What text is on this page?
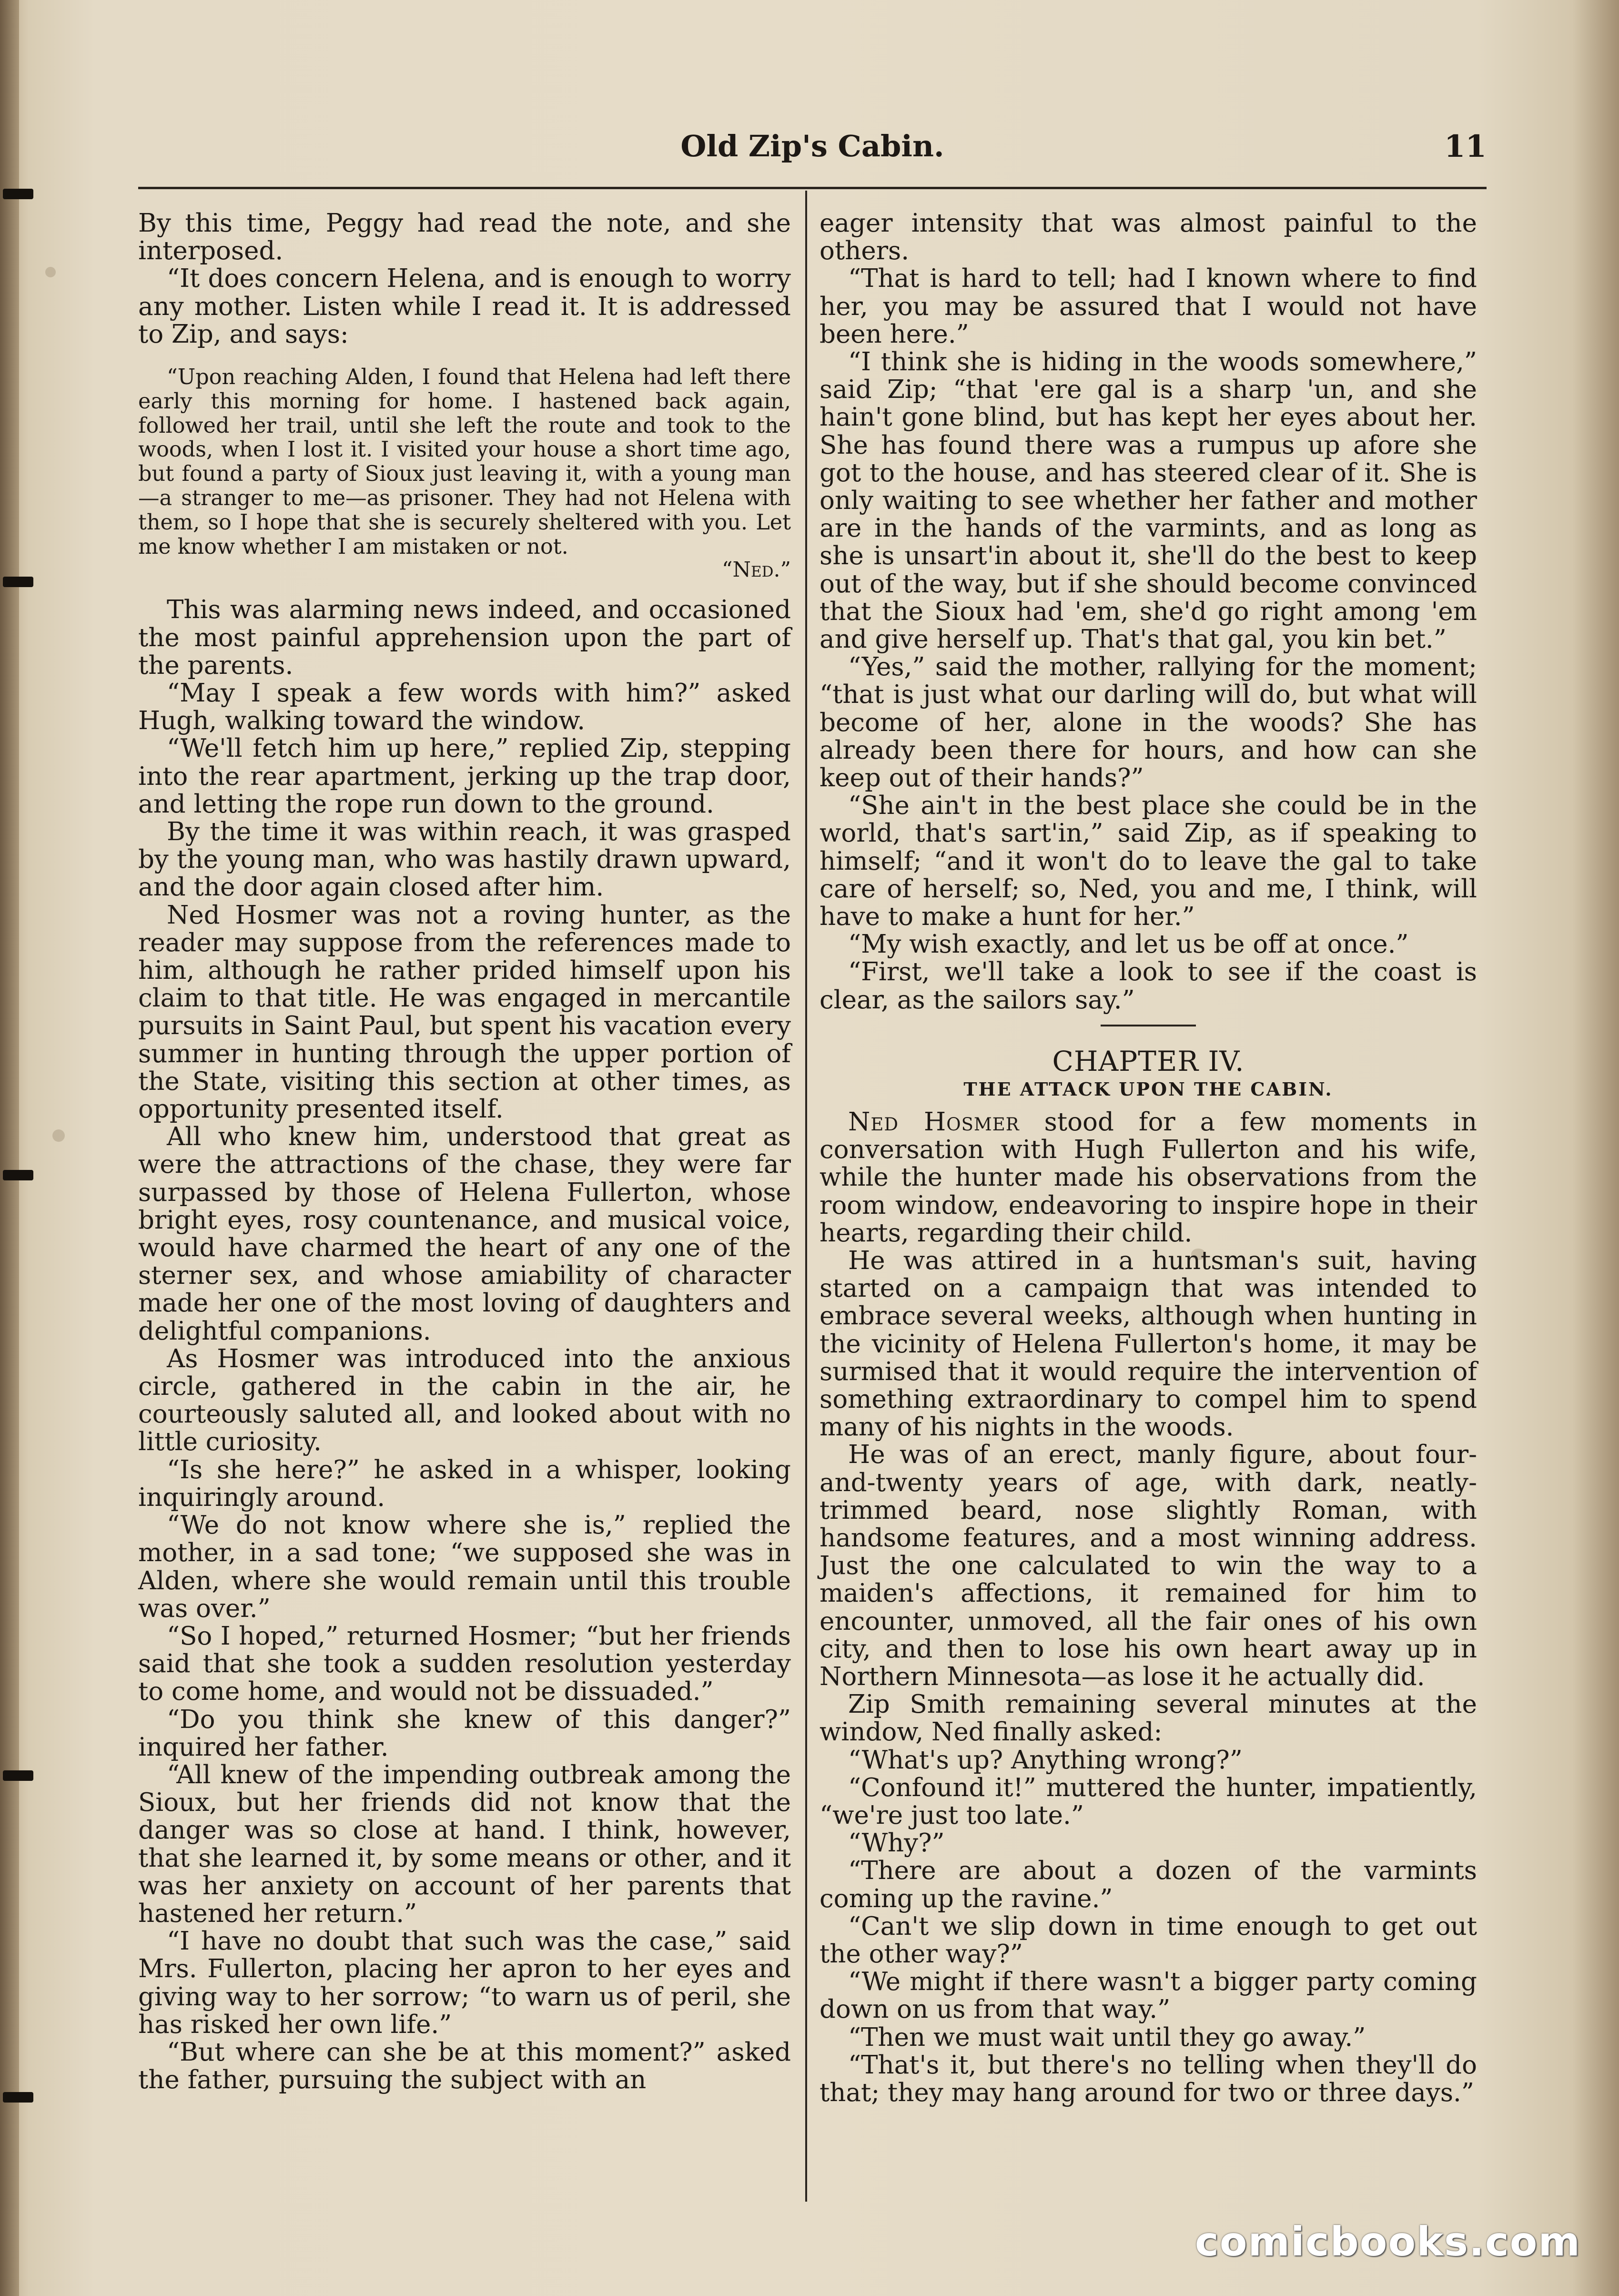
Old Zip's Cabin.	11

By this time, Peggy had read the note, and she interposed.

“It does concern Helena, and is enough to worry any mother. Listen while I read it. It is addressed to Zip, and says:

“Upon reaching Alden, I found that Helena had left there early this morning for home. I hastened back again, followed her trail, until she left the route and took to the woods, when I lost it. I visited your house a short time ago, but found a party of Sioux just leaving it, with a young man—a stranger to me—as prisoner. They had not Helena with them, so I hope that she is securely sheltered with you. Let me know whether I am mistaken or not.

“Ned.”

This was alarming news indeed, and occasioned the most painful apprehension upon the part of the parents.

“May I speak a few words with him?” asked Hugh, walking toward the window.

“We'll fetch him up here,” replied Zip, stepping into the rear apartment, jerking up the trap door, and letting the rope run down to the ground.

By the time it was within reach, it was grasped by the young man, who was hastily drawn upward, and the door again closed after him.

Ned Hosmer was not a roving hunter, as the reader may suppose from the references made to him, although he rather prided himself upon his claim to that title. He was engaged in mercantile pursuits in Saint Paul, but spent his vacation every summer in hunting through the upper portion of the State, visiting this section at other times, as opportunity presented itself.

All who knew him, understood that great as were the attractions of the chase, they were far surpassed by those of Helena Fullerton, whose bright eyes, rosy countenance, and musical voice, would have charmed the heart of any one of the sterner sex, and whose amiability of character made her one of the most loving of daughters and delightful companions.

As Hosmer was introduced into the anxious circle, gathered in the cabin in the air, he courteously saluted all, and looked about with no little curiosity.

“Is she here?” he asked in a whisper, looking inquiringly around.

“We do not know where she is,” replied the mother, in a sad tone; “we supposed she was in Alden, where she would remain until this trouble was over.”

“So I hoped,” returned Hosmer; “but her friends said that she took a sudden resolution yesterday to come home, and would not be dissuaded.”

“Do you think she knew of this danger?” inquired her father.

“All knew of the impending outbreak among the Sioux, but her friends did not know that the danger was so close at hand. I think, however, that she learned it, by some means or other, and it was her anxiety on account of her parents that hastened her return.”

“I have no doubt that such was the case,” said Mrs. Fullerton, placing her apron to her eyes and giving way to her sorrow; “to warn us of peril, she has risked her own life.”

“But where can she be at this moment?” asked the father, pursuing the subject with an

eager intensity that was almost painful to the others.

“That is hard to tell; had I known where to find her, you may be assured that I would not have been here.”

“I think she is hiding in the woods somewhere,” said Zip; “that 'ere gal is a sharp 'un, and she hain't gone blind, but has kept her eyes about her. She has found there was a rumpus up afore she got to the house, and has steered clear of it. She is only waiting to see whether her father and mother are in the hands of the varmints, and as long as she is unsart'in about it, she'll do the best to keep out of the way, but if she should become convinced that the Sioux had 'em, she'd go right among 'em and give herself up. That's that gal, you kin bet.”

“Yes,” said the mother, rallying for the moment; “that is just what our darling will do, but what will become of her, alone in the woods? She has already been there for hours, and how can she keep out of their hands?”

“She ain't in the best place she could be in the world, that's sart'in,” said Zip, as if speaking to himself; “and it won't do to leave the gal to take care of herself; so, Ned, you and me, I think, will have to make a hunt for her.”

“My wish exactly, and let us be off at once.”

“First, we'll take a look to see if the coast is clear, as the sailors say.”

CHAPTER IV.

THE ATTACK UPON THE CABIN.

Ned Hosmer stood for a few moments in conversation with Hugh Fullerton and his wife, while the hunter made his observations from the room window, endeavoring to inspire hope in their hearts, regarding their child.

He was attired in a huntsman's suit, having started on a campaign that was intended to embrace several weeks, although when hunting in the vicinity of Helena Fullerton's home, it may be surmised that it would require the intervention of something extraordinary to compel him to spend many of his nights in the woods.

He was of an erect, manly figure, about four-and-twenty years of age, with dark, neatly-trimmed beard, nose slightly Roman, with handsome features, and a most winning address. Just the one calculated to win the way to a maiden's affections, it remained for him to encounter, unmoved, all the fair ones of his own city, and then to lose his own heart away up in Northern Minnesota—as lose it he actually did.

Zip Smith remaining several minutes at the window, Ned finally asked:

“What's up? Anything wrong?”

“Confound it!” muttered the hunter, impatiently, “we're just too late.”

“Why?”

“There are about a dozen of the varmints coming up the ravine.”

“Can't we slip down in time enough to get out the other way?”

“We might if there wasn't a bigger party coming down on us from that way.”

“Then we must wait until they go away.”

“That's it, but there's no telling when they'll do that; they may hang around for two or three days.”

comicbooks.com
